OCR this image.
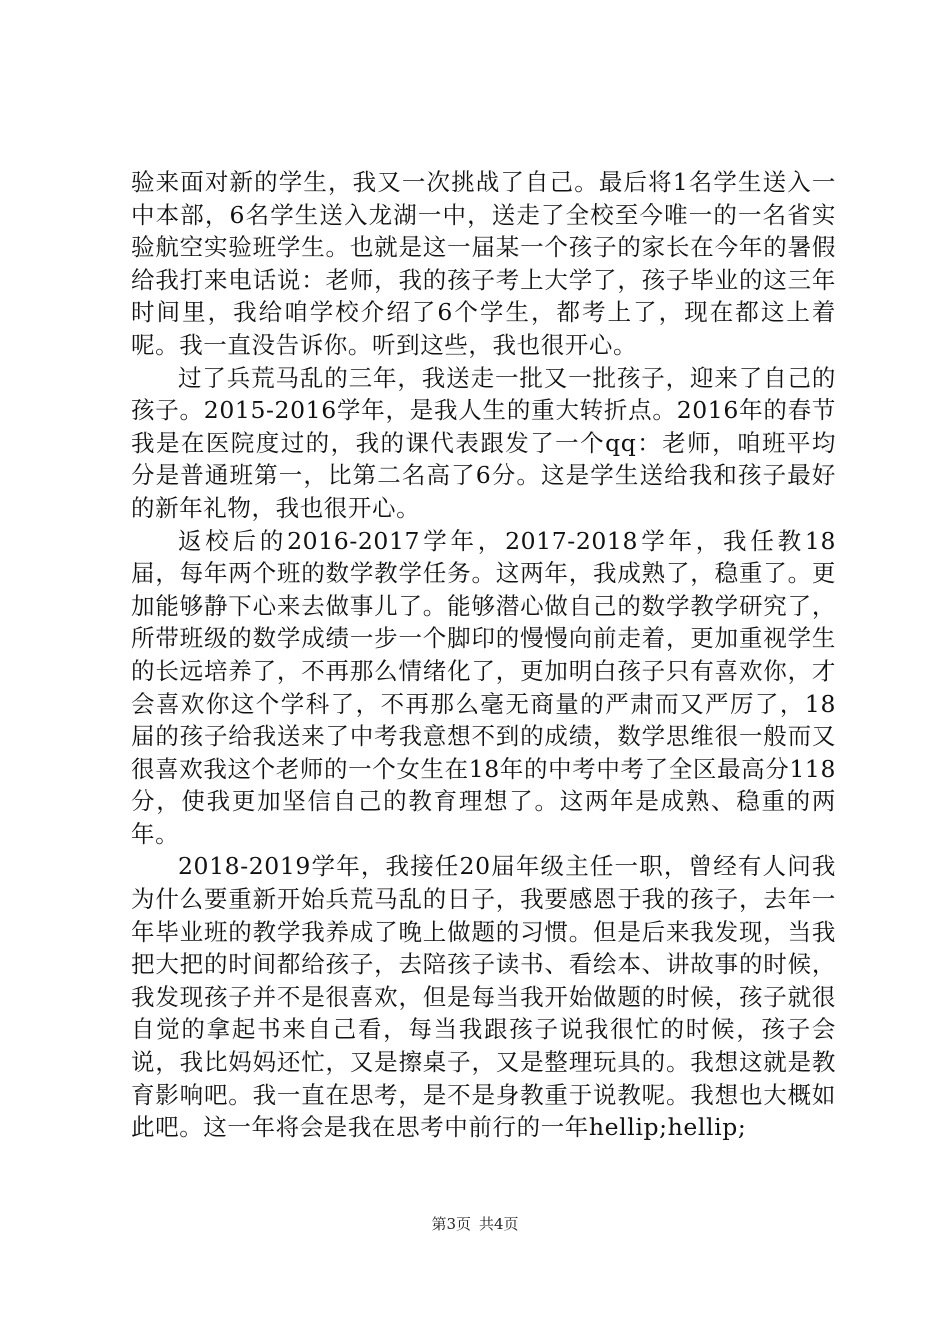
验来面对新的学生，我又一次挑战了自己。最后将1名学生送入一中本部，6名学生送入龙湖一中，送走了全校至今唯一的一名省实验航空实验班学生。也就是这一届某一个孩子的家长在今年的暑假给我打来电话说：老师，我的孩子考上大学了，孩子毕业的这三年时间里，我给咱学校介绍了6个学生，都考上了，现在都这上着呢。我一直没告诉你。听到这些，我也很开心。

过了兵荒马乱的三年，我送走一批又一批孩子，迎来了自己的孩子。2015-2016学年，是我人生的重大转折点。2016年的春节我是在医院度过的，我的课代表跟发了一个qq：老师，咱班平均分是普通班第一，比第二名高了6分。这是学生送给我和孩子最好的新年礼物，我也很开心。

返校后的2016-2017学年，2017-2018学年，我任教18届，每年两个班的数学教学任务。这两年，我成熟了，稳重了。更加能够静下心来去做事儿了。能够潜心做自己的数学教学研究了，所带班级的数学成绩一步一个脚印的慢慢向前走着，更加重视学生的长远培养了，不再那么情绪化了，更加明白孩子只有喜欢你，才会喜欢你这个学科了，不再那么毫无商量的严肃而又严厉了，18届的孩子给我送来了中考我意想不到的成绩，数学思维很一般而又很喜欢我这个老师的一个女生在18年的中考中考了全区最高分118分，使我更加坚信自己的教育理想了。这两年是成熟、稳重的两年。

2018-2019学年，我接任20届年级主任一职，曾经有人问我为什么要重新开始兵荒马乱的日子，我要感恩于我的孩子，去年一年毕业班的教学我养成了晚上做题的习惯。但是后来我发现，当我把大把的时间都给孩子，去陪孩子读书、看绘本、讲故事的时候，我发现孩子并不是很喜欢，但是每当我开始做题的时候，孩子就很自觉的拿起书来自己看，每当我跟孩子说我很忙的时候，孩子会说，我比妈妈还忙，又是擦桌子，又是整理玩具的。我想这就是教育影响吧。我一直在思考，是不是身教重于说教呢。我想也大概如此吧。这一年将会是我在思考中前行的一年hellip;hellip;

第3页 共4页
